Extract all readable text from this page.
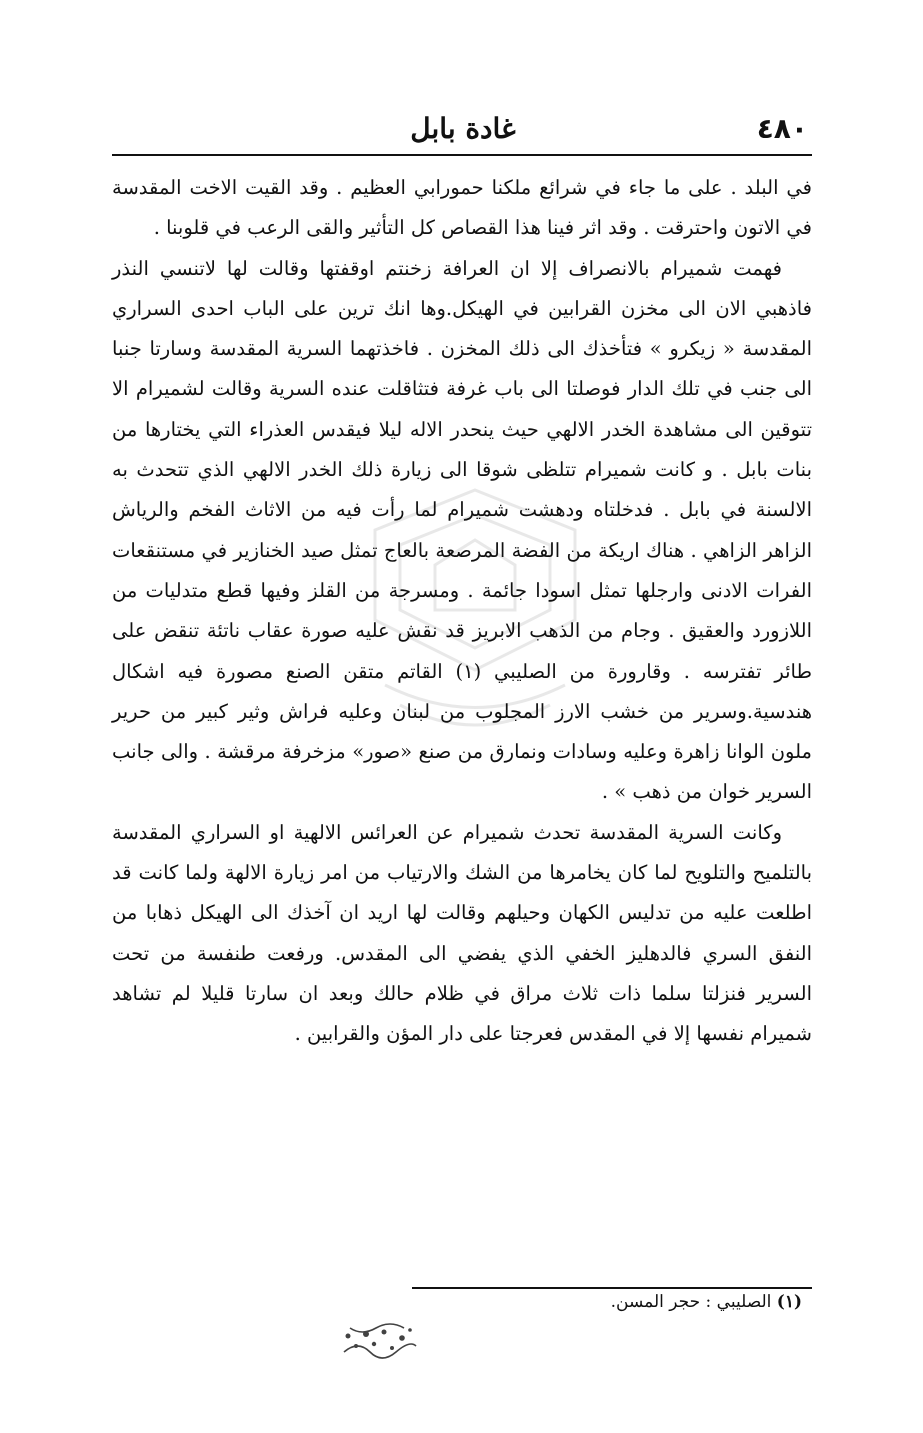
٤٨٠
غادة بابل

في البلد . على ما جاء في شرائع ملكنا حمورابي العظيم . وقد القيت الاخت المقدسة في الاتون واحترقت . وقد اثر فينا هذا القصاص كل التأثير والقى الرعب في قلوبنا .

فهمت شميرام بالانصراف إلا ان العرافة زخنتم اوقفتها وقالت لها لاتنسي النذر فاذهبي الان الى مخزن القرابين في الهيكل.وها انك ترين على الباب احدى السراري المقدسة « زيكرو » فتأخذك الى ذلك المخزن . فاخذتهما السرية المقدسة وسارتا جنبا الى جنب في تلك الدار فوصلتا الى باب غرفة فتثاقلت عنده السرية وقالت لشميرام الا تتوقين الى مشاهدة الخدر الالهي حيث ينحدر الاله ليلا فيقدس العذراء التي يختارها من بنات بابل . و كانت شميرام تتلظى شوقا الى زيارة ذلك الخدر الالهي الذي تتحدث به الالسنة في بابل . فدخلتاه ودهشت شميرام لما رأت فيه من الاثاث الفخم والرياش الزاهر الزاهي . هناك اريكة من الفضة المرصعة بالعاج تمثل صيد الخنازير في مستنقعات الفرات الادنى وارجلها تمثل اسودا جائمة . ومسرجة من القلز وفيها قطع متدليات من اللازورد والعقيق . وجام من الذهب الابريز قد نقش عليه صورة عقاب ناتئة تنقض على طائر تفترسه . وقارورة من الصليبي (١) القاتم متقن الصنع مصورة فيه اشكال هندسية.وسرير من خشب الارز المجلوب من لبنان وعليه فراش وثير كبير من حرير ملون الوانا زاهرة وعليه وسادات ونمارق من صنع «صور» مزخرفة مرقشة . والى جانب السرير خوان من ذهب » .

وكانت السرية المقدسة تحدث شميرام عن العرائس الالهية او السراري المقدسة بالتلميح والتلويح لما كان يخامرها من الشك والارتياب من امر زيارة الالهة ولما كانت قد اطلعت عليه من تدليس الكهان وحيلهم وقالت لها اريد ان آخذك الى الهيكل ذهابا من النفق السري فالدهليز الخفي الذي يفضي الى المقدس. ورفعت طنفسة من تحت السرير فنزلتا سلما ذات ثلاث مراق في ظلام حالك وبعد ان سارتا قليلا لم تشاهد شميرام نفسها إلا في المقدس فعرجتا على دار المؤن والقرابين .

(١) الصليبي : حجر المسن.
